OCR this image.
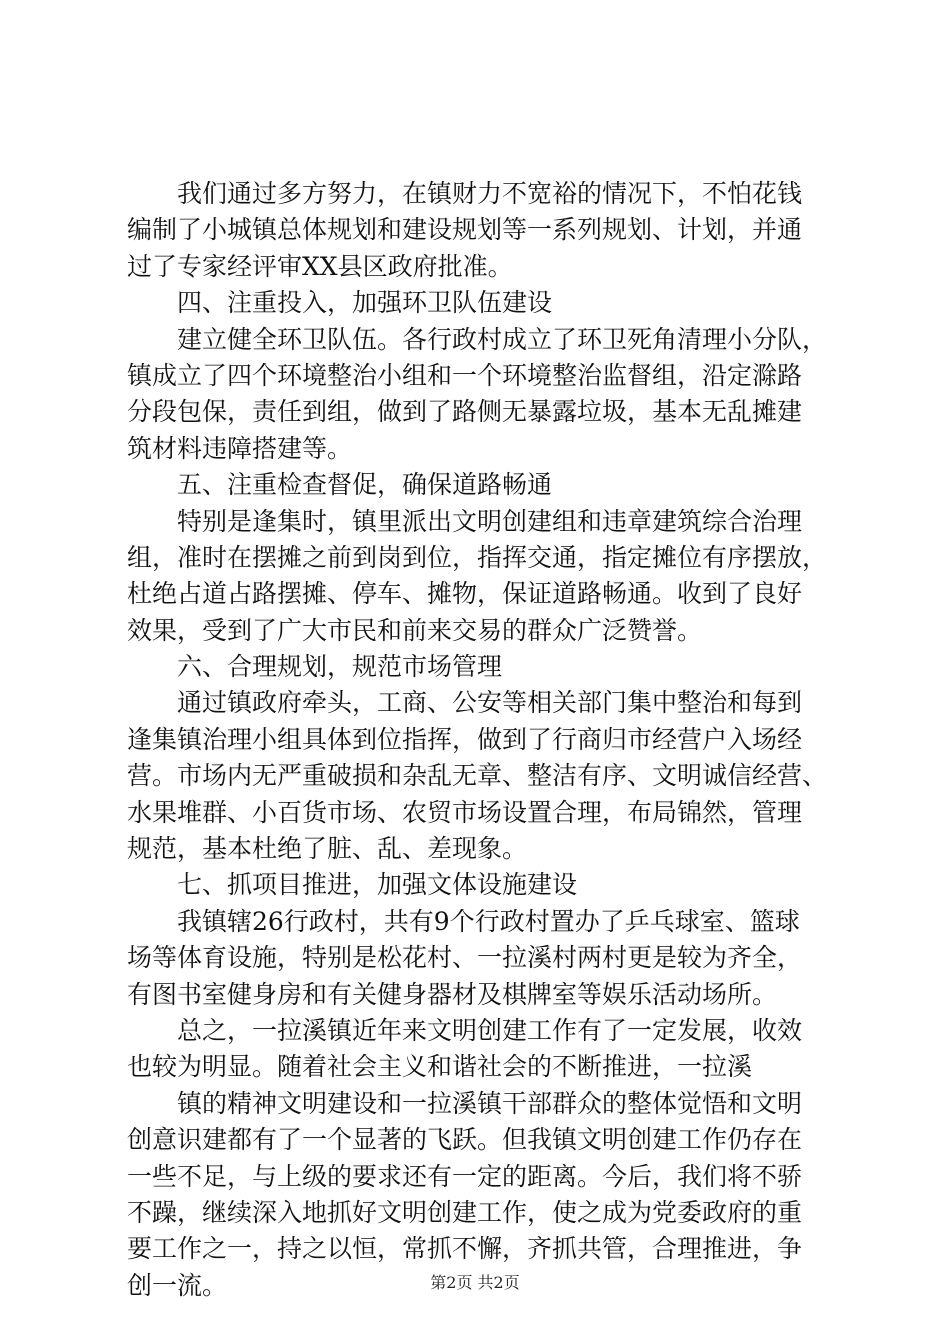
我们通过多方努力，在镇财力不宽裕的情况下，不怕花钱
编制了小城镇总体规划和建设规划等一系列规划、计划，并通
过了专家经评审XX县区政府批准。
四、注重投入，加强环卫队伍建设
建立健全环卫队伍。各行政村成立了环卫死角清理小分队，
镇成立了四个环境整治小组和一个环境整治监督组，沿定滁路
分段包保，责任到组，做到了路侧无暴露垃圾，基本无乱摊建
筑材料违障搭建等。
五、注重检查督促，确保道路畅通
特别是逢集时，镇里派出文明创建组和违章建筑综合治理
组，准时在摆摊之前到岗到位，指挥交通，指定摊位有序摆放，
杜绝占道占路摆摊、停车、摊物，保证道路畅通。收到了良好
效果，受到了广大市民和前来交易的群众广泛赞誉。
六、合理规划，规范市场管理
通过镇政府牵头，工商、公安等相关部门集中整治和每到
逢集镇治理小组具体到位指挥，做到了行商归市经营户入场经
营。市场内无严重破损和杂乱无章、整洁有序、文明诚信经营、
水果堆群、小百货市场、农贸市场设置合理，布局锦然，管理
规范，基本杜绝了脏、乱、差现象。
七、抓项目推进，加强文体设施建设
我镇辖26行政村，共有9个行政村置办了乒乓球室、篮球
场等体育设施，特别是松花村、一拉溪村两村更是较为齐全，
有图书室健身房和有关健身器材及棋牌室等娱乐活动场所。
总之，一拉溪镇近年来文明创建工作有了一定发展，收效
也较为明显。随着社会主义和谐社会的不断推进，一拉溪
镇的精神文明建设和一拉溪镇干部群众的整体觉悟和文明
创意识建都有了一个显著的飞跃。但我镇文明创建工作仍存在
一些不足，与上级的要求还有一定的距离。今后，我们将不骄
不躁，继续深入地抓好文明创建工作，使之成为党委政府的重
要工作之一，持之以恒，常抓不懈，齐抓共管，合理推进，争
创一流。	第2页 共2页
